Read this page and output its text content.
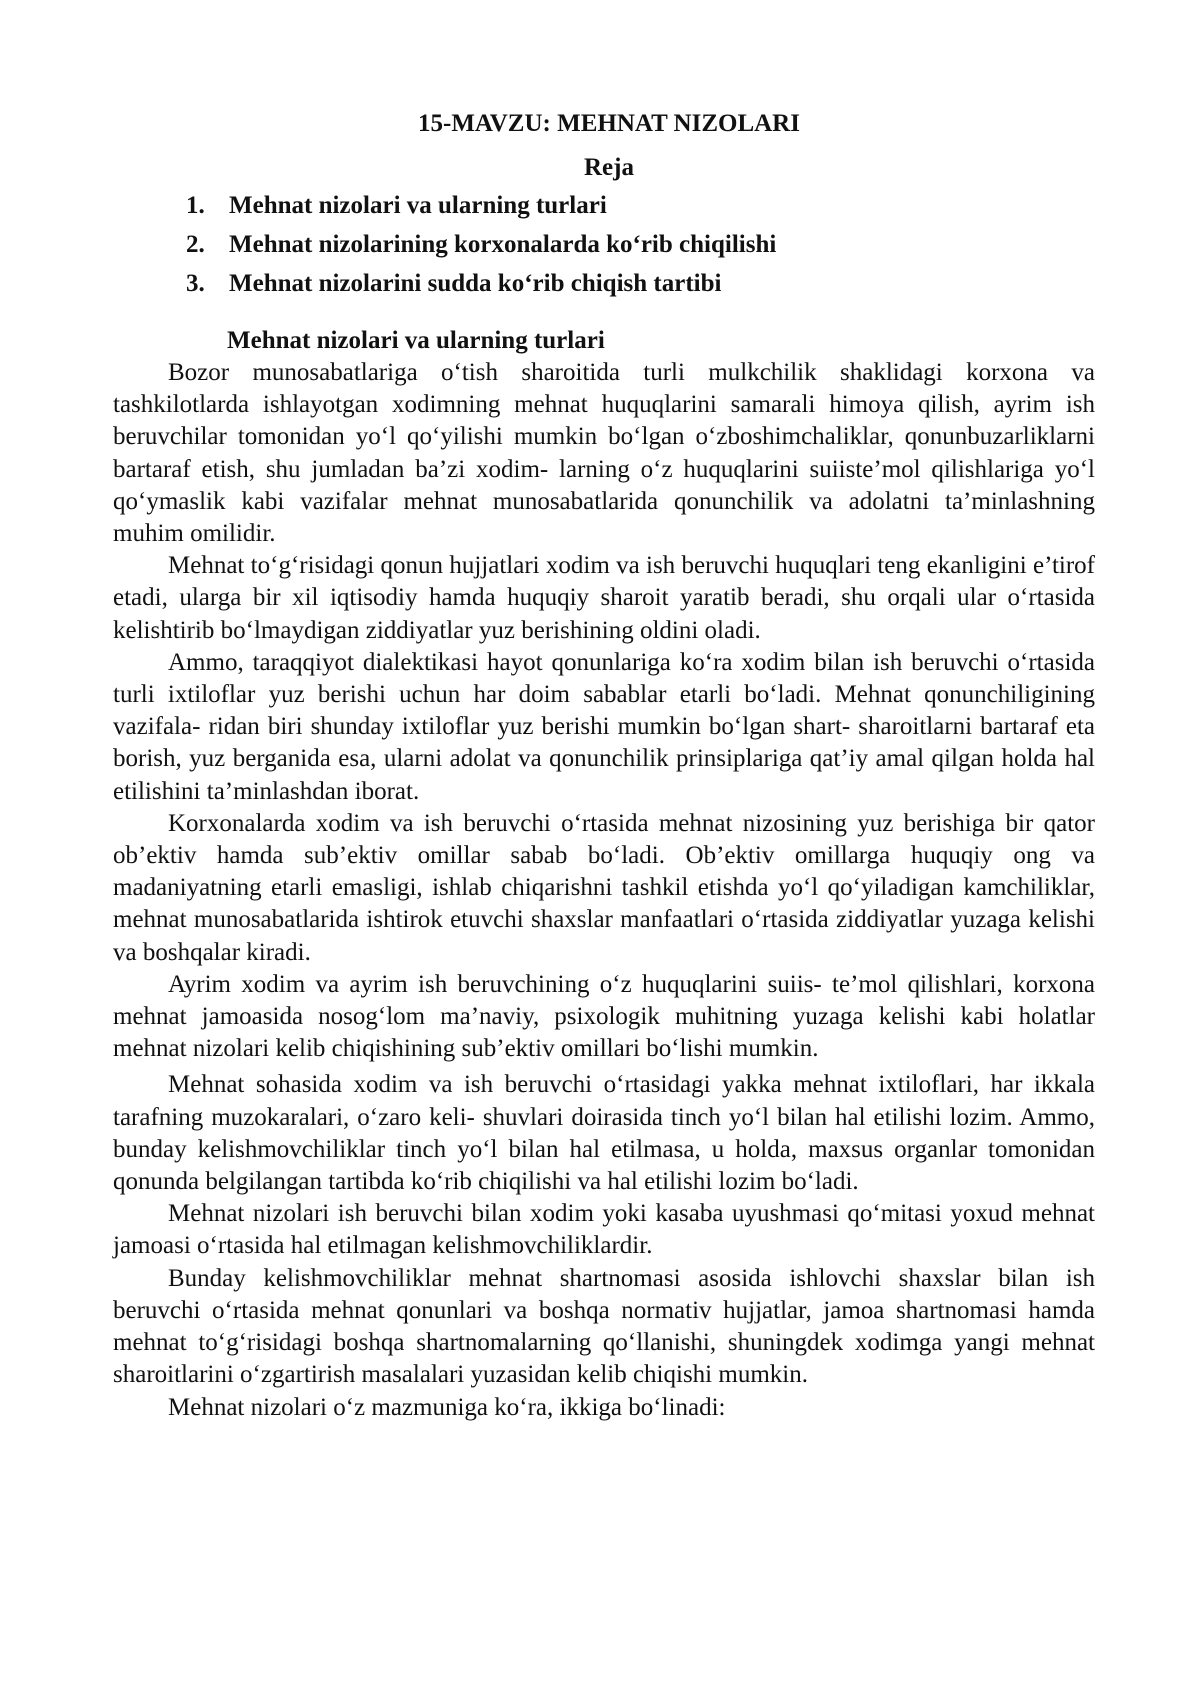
15-MAVZU: MEHNAT NIZOLARI
Reja
1. Mehnat nizolari va ularning turlari
2. Mehnat nizolarining korxonalarda ko‘rib chiqilishi
3. Mehnat nizolarini sudda ko‘rib chiqish tartibi
Mehnat nizolari va ularning turlari

Bozor munosabatlariga o‘tish sharoitida turli mulkchilik shaklidagi korxona va tashkilotlarda ishlayotgan xodimning mehnat huquqlarini samarali himoya qilish, ayrim ish beruvchilar tomonidan yo‘l qo‘yilishi mumkin bo‘lgan o‘zboshimchaliklar, qonunbuzarliklarni bartaraf etish, shu jumladan ba’zi xodim- larning o‘z huquqlarini suiiste’mol qilishlariga yo‘l qo‘ymaslik kabi vazifalar mehnat munosabatlarida qonunchilik va adolatni ta’minlashning muhim omilidir.

Mehnat to‘g‘risidagi qonun hujjatlari xodim va ish beruvchi huquqlari teng ekanligini e’tirof etadi, ularga bir xil iqtisodiy hamda huquqiy sharoit yaratib beradi, shu orqali ular o‘rtasida kelishtirib bo‘lmaydigan ziddiyatlar yuz berishining oldini oladi.

Ammo, taraqqiyot dialektikasi hayot qonunlariga ko‘ra xodim bilan ish beruvchi o‘rtasida turli ixtiloflar yuz berishi uchun har doim sabablar etarli bo‘ladi. Mehnat qonunchiligining vazifala- ridan biri shunday ixtiloflar yuz berishi mumkin bo‘lgan shart- sharoitlarni bartaraf eta borish, yuz berganida esa, ularni adolat va qonunchilik prinsiplariga qat’iy amal qilgan holda hal etilishini ta’minlashdan iborat.

Korxonalarda xodim va ish beruvchi o‘rtasida mehnat nizosining yuz berishiga bir qator ob’ektiv hamda sub’ektiv omillar sabab bo‘ladi. Ob’ektiv omillarga huquqiy ong va madaniyatning etarli emasligi, ishlab chiqarishni tashkil etishda yo‘l qo‘yiladigan kamchiliklar, mehnat munosabatlarida ishtirok etuvchi shaxslar manfaatlari o‘rtasida ziddiyatlar yuzaga kelishi va boshqalar kiradi.

Ayrim xodim va ayrim ish beruvchining o‘z huquqlarini suiis- te’mol qilishlari, korxona mehnat jamoasida nosog‘lom ma’naviy, psixologik muhitning yuzaga kelishi kabi holatlar mehnat nizolari kelib chiqishining sub’ektiv omillari bo‘lishi mumkin.

Mehnat sohasida xodim va ish beruvchi o‘rtasidagi yakka mehnat ixtiloflari, har ikkala tarafning muzokaralari, o‘zaro keli- shuvlari doirasida tinch yo‘l bilan hal etilishi lozim. Ammo, bunday kelishmovchiliklar tinch yo‘l bilan hal etilmasa, u holda, maxsus organlar tomonidan qonunda belgilangan tartibda ko‘rib chiqilishi va hal etilishi lozim bo‘ladi.

Mehnat nizolari ish beruvchi bilan xodim yoki kasaba uyushmasi qo‘mitasi yoxud mehnat jamoasi o‘rtasida hal etilmagan kelishmovchiliklardir.

Bunday kelishmovchiliklar mehnat shartnomasi asosida ishlovchi shaxslar bilan ish beruvchi o‘rtasida mehnat qonunlari va boshqa normativ hujjatlar, jamoa shartnomasi hamda mehnat to‘g‘risidagi boshqa shartnomalarning qo‘llanishi, shuningdek xodimga yangi mehnat sharoitlarini o‘zgartirish masalalari yuzasidan kelib chiqishi mumkin.

Mehnat nizolari o‘z mazmuniga ko‘ra, ikkiga bo‘linadi:
